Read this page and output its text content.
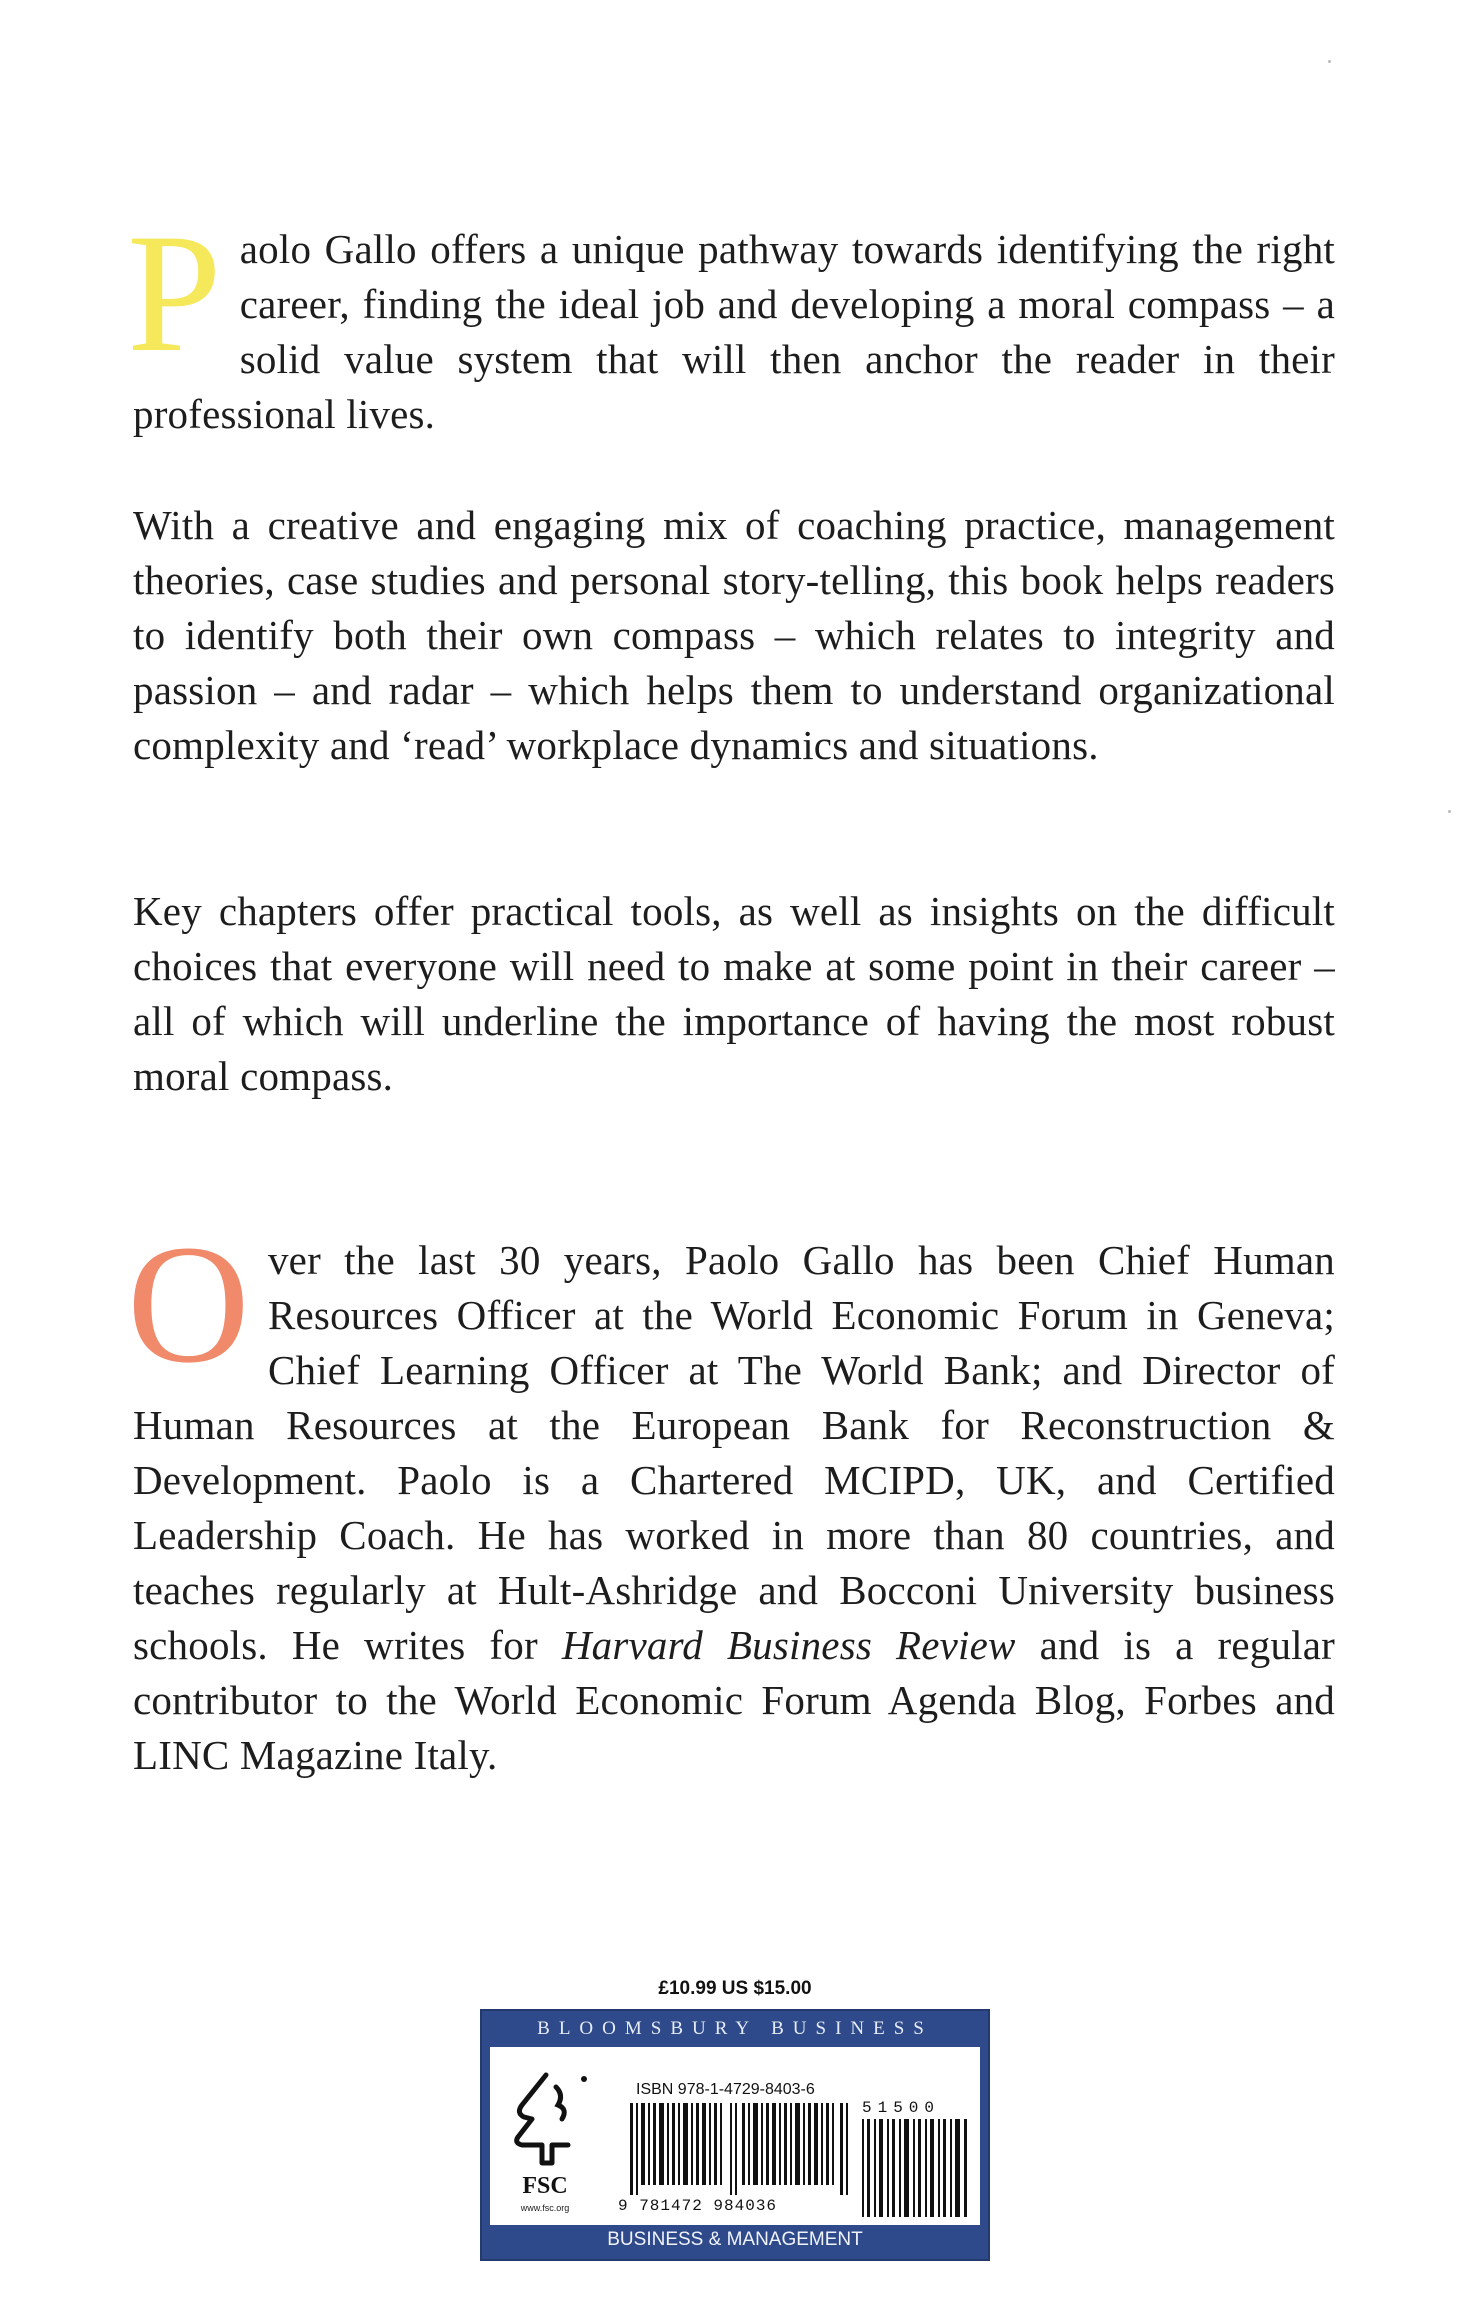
P aolo Gallo offers a unique pathway towards identifying the right career, finding the ideal job and developing a moral compass – a solid value system that will then anchor the reader in their professional lives.
With a creative and engaging mix of coaching practice, management theories, case studies and personal story-telling, this book helps readers to identify both their own compass – which relates to integrity and passion – and radar – which helps them to understand organizational complexity and ‘read’ workplace dynamics and situations.
Key chapters offer practical tools, as well as insights on the difficult choices that everyone will need to make at some point in their career – all of which will underline the importance of having the most robust moral compass.
O ver the last 30 years, Paolo Gallo has been Chief Human Resources Officer at the World Economic Forum in Geneva; Chief Learning Officer at The World Bank; and Director of Human Resources at the European Bank for Reconstruction & Development. Paolo is a Chartered MCIPD, UK, and Certified Leadership Coach. He has worked in more than 80 countries, and teaches regularly at Hult-Ashridge and Bocconi University business schools. He writes for Harvard Business Review and is a regular contributor to the World Economic Forum Agenda Blog, Forbes and LINC Magazine Italy.
£10.99 US $15.00
BLOOMSBURY BUSINESS
FSC
www.fsc.org
ISBN 978-1-4729-8403-6
9 781472 984036
51500
BUSINESS & MANAGEMENT
